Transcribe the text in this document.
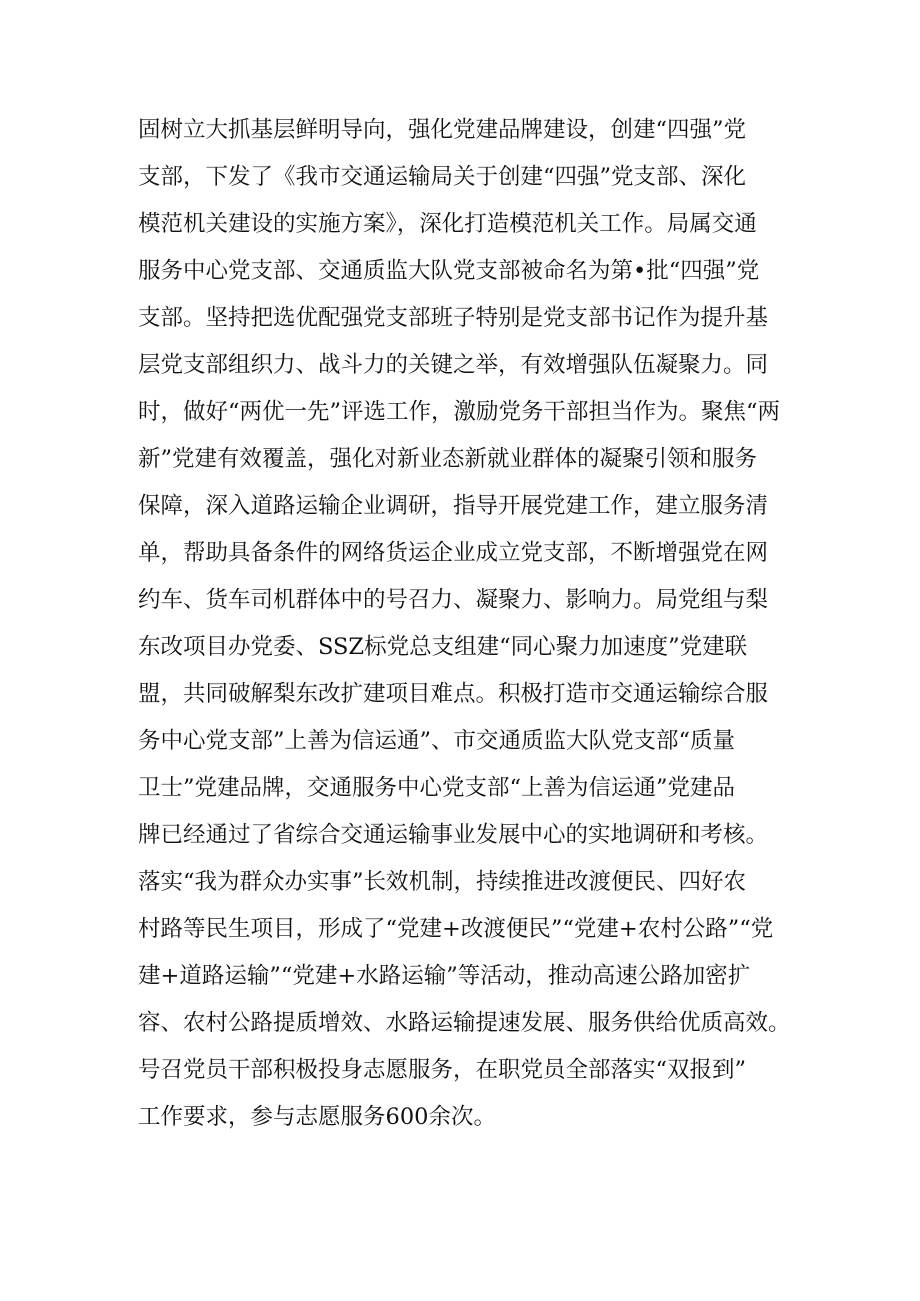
固树立大抓基层鲜明导向，强化党建品牌建设，创建“四强”党
支部，下发了《我市交通运输局关于创建“四强”党支部、深化
模范机关建设的实施方案》，深化打造模范机关工作。局属交通
服务中心党支部、交通质监大队党支部被命名为第•批“四强”党
支部。坚持把选优配强党支部班子特别是党支部书记作为提升基
层党支部组织力、战斗力的关键之举，有效增强队伍凝聚力。同
时，做好“两优一先”评选工作，激励党务干部担当作为。聚焦“两
新”党建有效覆盖，强化对新业态新就业群体的凝聚引领和服务
保障，深入道路运输企业调研，指导开展党建工作，建立服务清
单，帮助具备条件的网络货运企业成立党支部，不断增强党在网
约车、货车司机群体中的号召力、凝聚力、影响力。局党组与梨
东改项目办党委、SSZ标党总支组建“同心聚力加速度”党建联
盟，共同破解梨东改扩建项目难点。积极打造市交通运输综合服
务中心党支部”上善为信运通”、市交通质监大队党支部“质量
卫士”党建品牌，交通服务中心党支部“上善为信运通”党建品
牌已经通过了省综合交通运输事业发展中心的实地调研和考核。
落实“我为群众办实事”长效机制，持续推进改渡便民、四好农
村路等民生项目，形成了“党建+改渡便民”“党建+农村公路”“党
建+道路运输”“党建+水路运输”等活动，推动高速公路加密扩
容、农村公路提质增效、水路运输提速发展、服务供给优质高效。
号召党员干部积极投身志愿服务，在职党员全部落实“双报到”
工作要求，参与志愿服务600余次。
